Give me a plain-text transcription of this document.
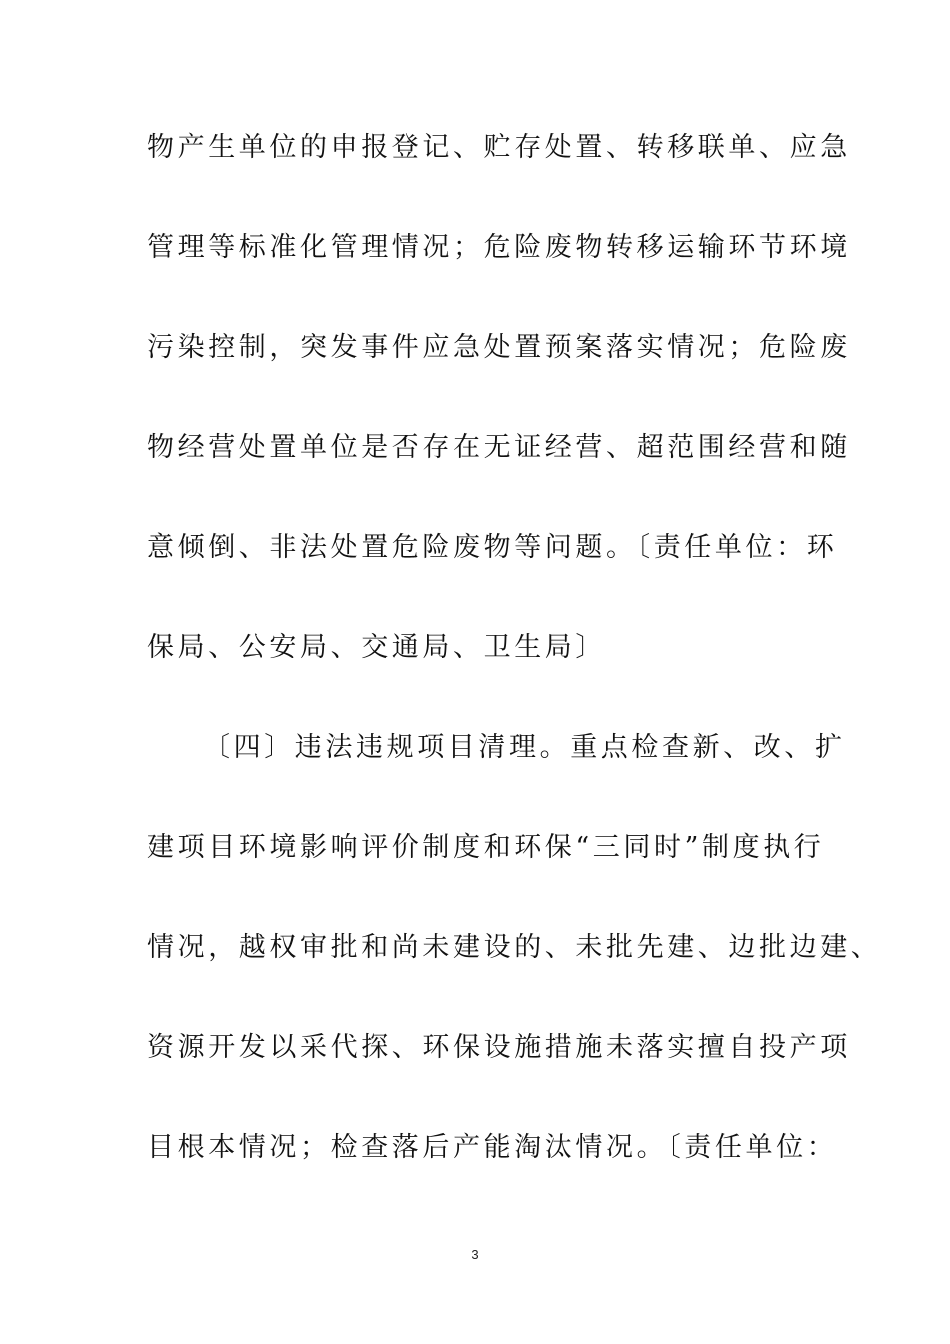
物产生单位的申报登记、贮存处置、转移联单、应急
管理等标准化管理情况；危险废物转移运输环节环境
污染控制，突发事件应急处置预案落实情况；危险废
物经营处置单位是否存在无证经营、超范围经营和随
意倾倒、非法处置危险废物等问题。〔责任单位：环
保局、公安局、交通局、卫生局〕
〔四〕违法违规项目清理。重点检查新、改、扩
建项目环境影响评价制度和环保“三同时”制度执行
情况，越权审批和尚未建设的、未批先建、边批边建、
资源开发以采代探、环保设施措施未落实擅自投产项
目根本情况；检查落后产能淘汰情况。〔责任单位：
3
